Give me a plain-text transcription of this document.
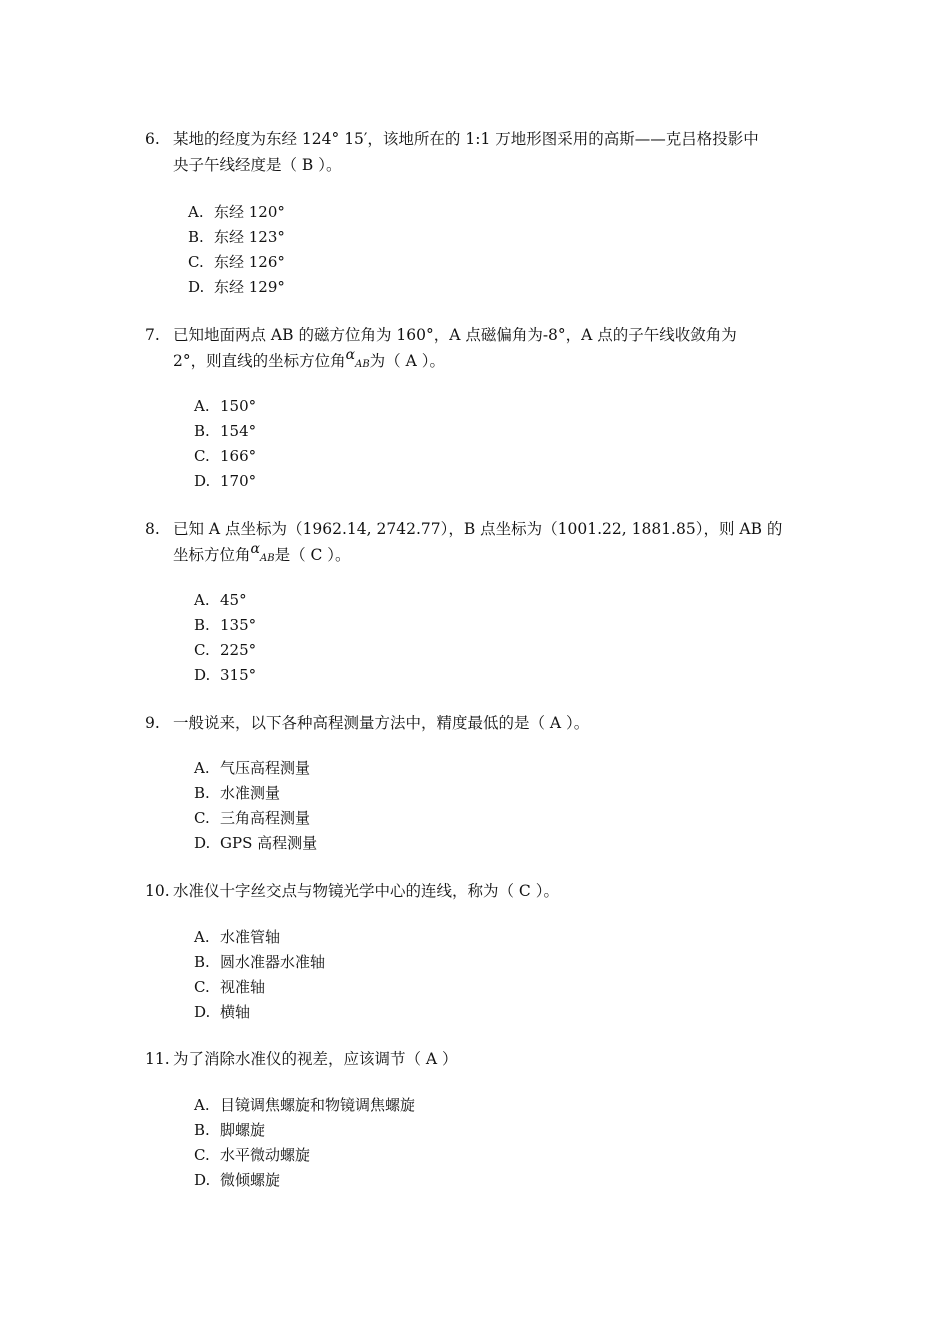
6. 某地的经度为东经 124° 15′，该地所在的 1:1 万地形图采用的高斯——克吕格投影中
央子午线经度是（ B ）。
A. 东经 120°
B. 东经 123°
C. 东经 126°
D. 东经 129°
7. 已知地面两点 AB 的磁方位角为 160°，A 点磁偏角为-8°，A 点的子午线收敛角为
2°，则直线的坐标方位角αAB为（ A ）。
A. 150°
B. 154°
C. 166°
D. 170°
8. 已知 A 点坐标为（1962.14, 2742.77），B 点坐标为（1001.22, 1881.85），则 AB 的
坐标方位角αAB是（ C ）。
A. 45°
B. 135°
C. 225°
D. 315°
9. 一般说来，以下各种高程测量方法中，精度最低的是（ A ）。
A. 气压高程测量
B. 水准测量
C. 三角高程测量
D. GPS 高程测量
10. 水准仪十字丝交点与物镜光学中心的连线，称为（ C ）。
A. 水准管轴
B. 圆水准器水准轴
C. 视准轴
D. 横轴
11. 为了消除水准仪的视差，应该调节（ A ）
A. 目镜调焦螺旋和物镜调焦螺旋
B. 脚螺旋
C. 水平微动螺旋
D. 微倾螺旋
